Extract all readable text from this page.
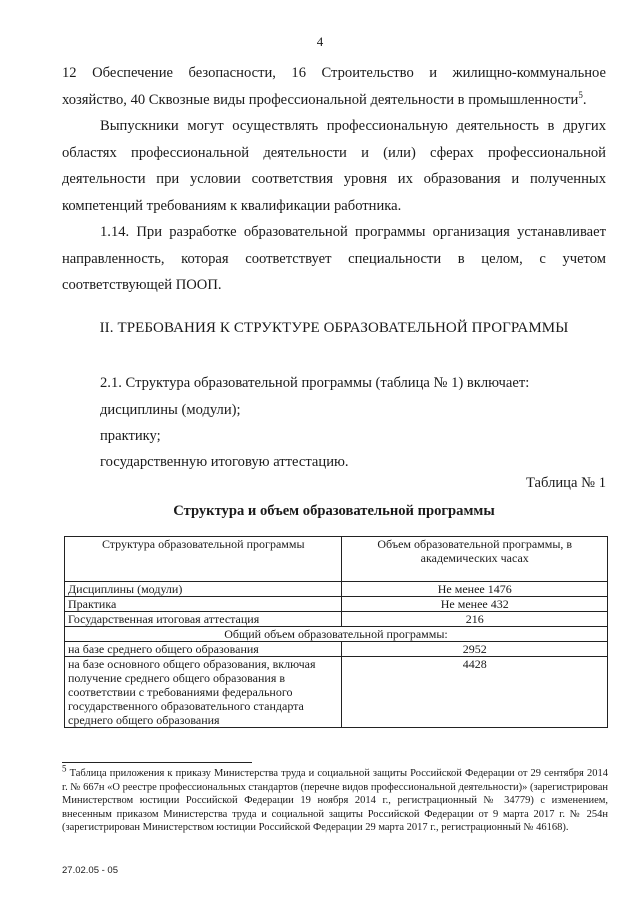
4
12 Обеспечение безопасности, 16 Строительство и жилищно-коммунальное
хозяйство, 40 Сквозные виды профессиональной деятельности в промышленности$^5$.
Выпускники могут осуществлять профессиональную деятельность в других
областях профессиональной деятельности и (или) сферах профессиональной
деятельности при условии соответствия уровня их образования и полученных
компетенций требованиям к квалификации работника.
1.14. При разработке образовательной программы организация устанавливает
направленность, которая соответствует специальности в целом, с учетом
соответствующей ПООП.
II. ТРЕБОВАНИЯ К СТРУКТУРЕ ОБРАЗОВАТЕЛЬНОЙ ПРОГРАММЫ
2.1. Структура образовательной программы (таблица № 1) включает:
дисциплины (модули);
практику;
государственную итоговую аттестацию.
Таблица № 1
Структура и объем образовательной программы
Структура образовательной программы	Объем образовательной программы, в
академических часах

Дисциплины (модули)	Не менее 1476
Практика	Не менее 432
Государственная итоговая аттестация	216
Общий объем образовательной программы:	
на базе среднего общего образования	2952

на базе основного общего образования, включая
получение среднего общего образования в
соответствии с требованиями федерального
государственного образовательного стандарта
среднего общего образования	4428
$^5$ Таблица приложения к приказу Министерства труда и социальной защиты Российской Федерации от 29 сентября 2014 г. № 667н «О реестре профессиональных стандартов (перечне видов профессиональной деятельности)» (зарегистрирован Министерством юстиции Российской Федерации 19 ноября 2014 г., регистрационный № 34779) с изменением, внесенным приказом Министерства труда и социальной защиты Российской Федерации от 9 марта 2017 г. № 254н (зарегистрирован Министерством юстиции Российской Федерации 29 марта 2017 г., регистрационный № 46168).
27.02.05 - 05
